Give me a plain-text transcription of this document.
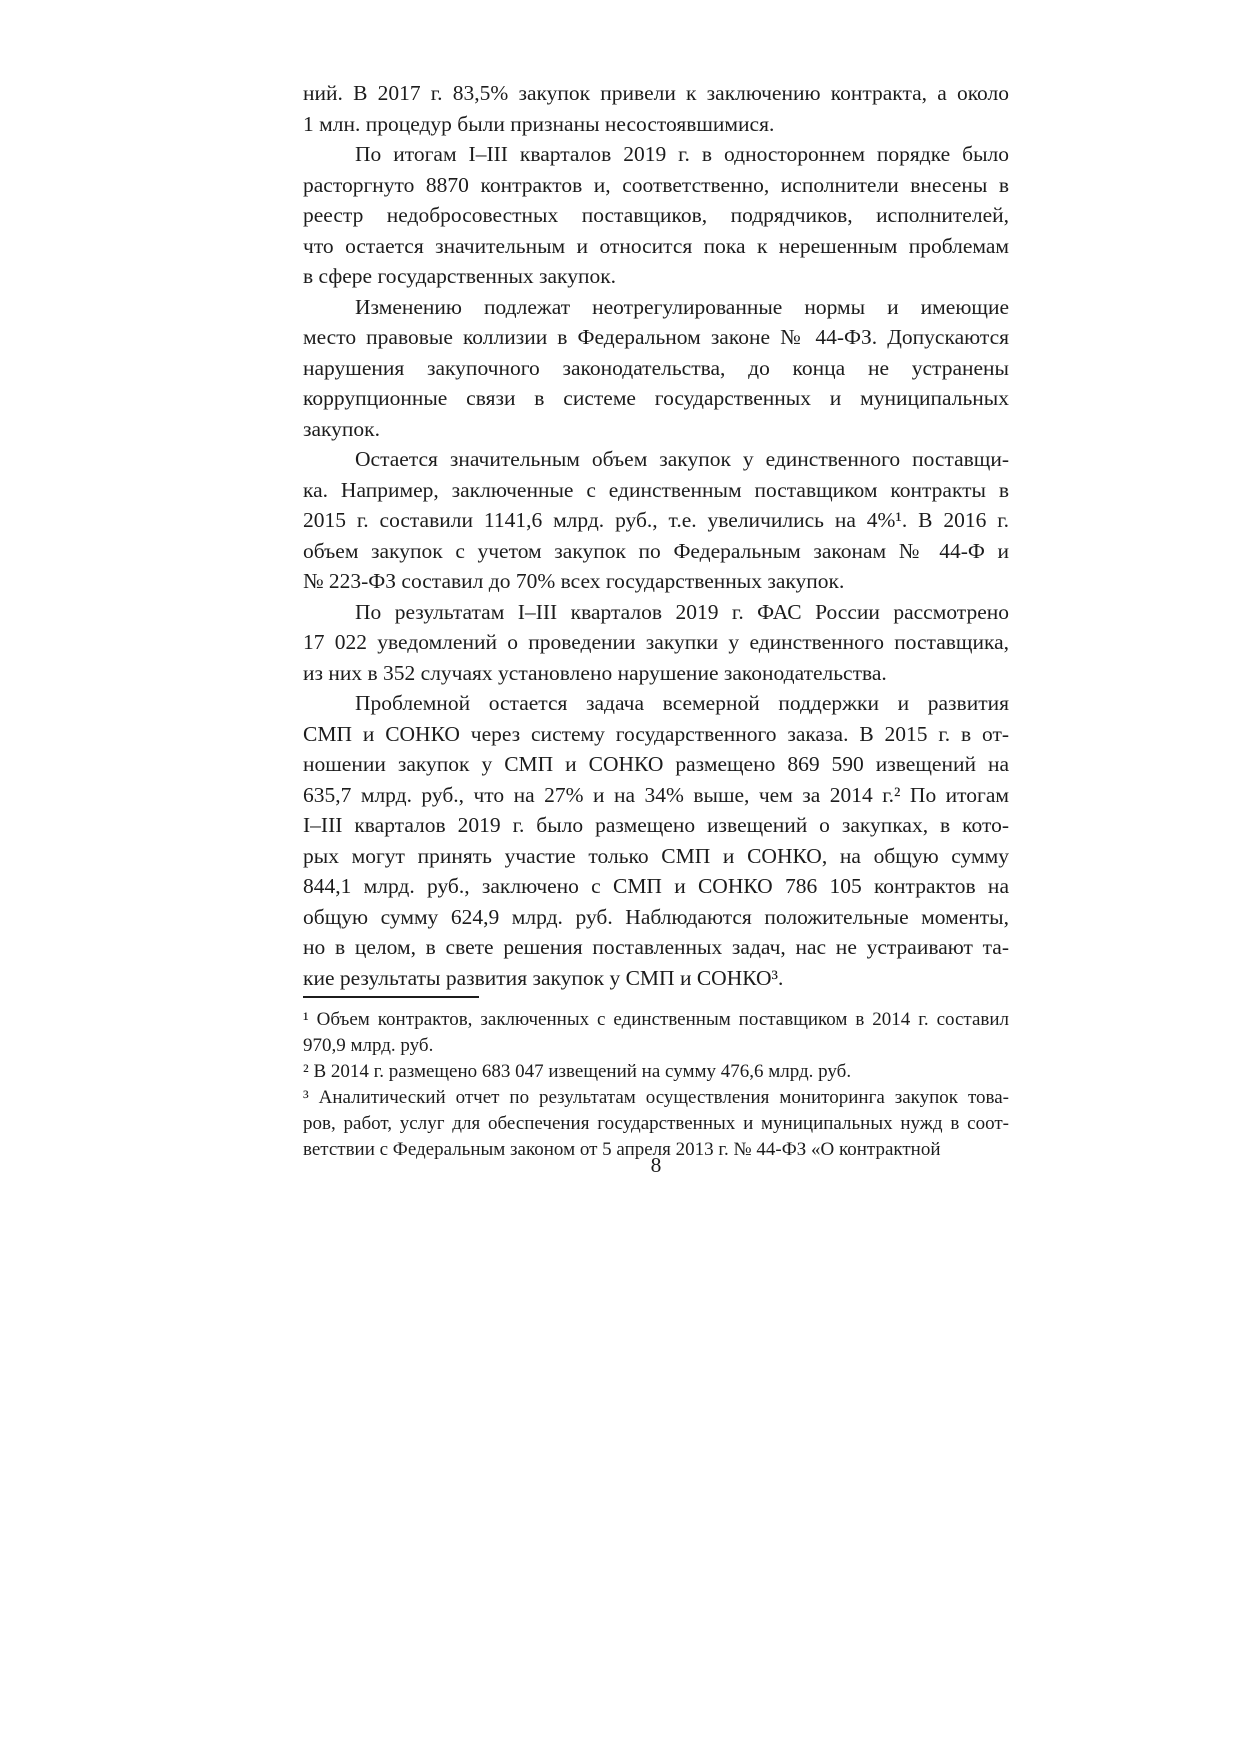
ний. В 2017 г. 83,5% закупок привели к заключению контракта, а около
1 млн. процедур были признаны несостоявшимися.

По итогам I–III кварталов 2019 г. в одностороннем порядке было
расторгнуто 8870 контрактов и, соответственно, исполнители внесены в
реестр недобросовестных поставщиков, подрядчиков, исполнителей,
что остается значительным и относится пока к нерешенным проблемам
в сфере государственных закупок.

Изменению подлежат неотрегулированные нормы и имеющие
место правовые коллизии в Федеральном законе № 44-ФЗ. Допускаются
нарушения закупочного законодательства, до конца не устранены
коррупционные связи в системе государственных и муниципальных
закупок.

Остается значительным объем закупок у единственного поставщи-
ка. Например, заключенные с единственным поставщиком контракты в
2015 г. составили 1141,6 млрд. руб., т.е. увеличились на 4%¹. В 2016 г.
объем закупок с учетом закупок по Федеральным законам № 44-Ф и
№ 223-ФЗ составил до 70% всех государственных закупок.

По результатам I–III кварталов 2019 г. ФАС России рассмотрено
17 022 уведомлений о проведении закупки у единственного поставщика,
из них в 352 случаях установлено нарушение законодательства.

Проблемной остается задача всемерной поддержки и развития
СМП и СОНКО через систему государственного заказа. В 2015 г. в от-
ношении закупок у СМП и СОНКО размещено 869 590 извещений на
635,7 млрд. руб., что на 27% и на 34% выше, чем за 2014 г.² По итогам
I–III кварталов 2019 г. было размещено извещений о закупках, в кото-
рых могут принять участие только СМП и СОНКО, на общую сумму
844,1 млрд. руб., заключено с СМП и СОНКО 786 105 контрактов на
общую сумму 624,9 млрд. руб. Наблюдаются положительные моменты,
но в целом, в свете решения поставленных задач, нас не устраивают та-
кие результаты развития закупок у СМП и СОНКО³.

¹ Объем контрактов, заключенных с единственным поставщиком в 2014 г. составил
970,9 млрд. руб.

² В 2014 г. размещено 683 047 извещений на сумму 476,6 млрд. руб.

³ Аналитический отчет по результатам осуществления мониторинга закупок това-
ров, работ, услуг для обеспечения государственных и муниципальных нужд в соот-
ветствии с Федеральным законом от 5 апреля 2013 г. № 44-ФЗ «О контрактной

8
